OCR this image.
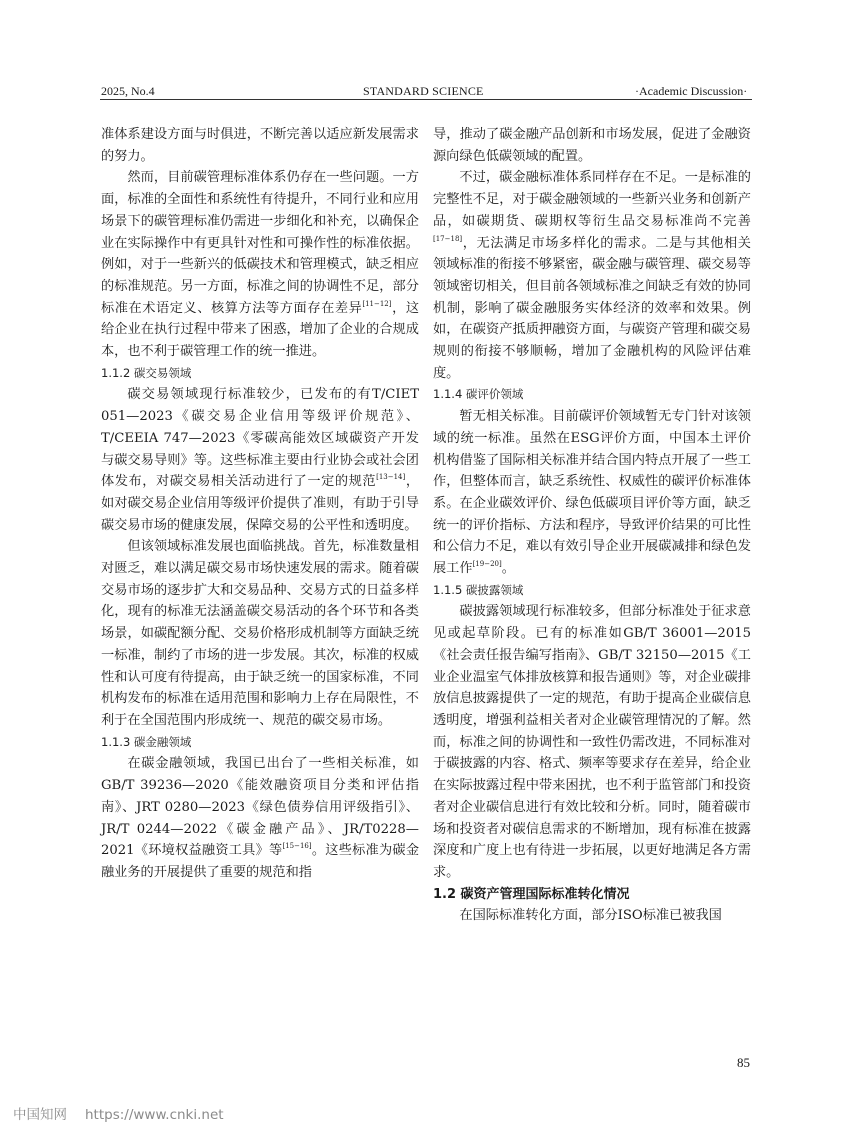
2025, No.4	STANDARD SCIENCE	·Academic Discussion·

准体系建设方面与时俱进，不断完善以适应新发展需求的努力。

然而，目前碳管理标准体系仍存在一些问题。一方面，标准的全面性和系统性有待提升，不同行业和应用场景下的碳管理标准仍需进一步细化和补充，以确保企业在实际操作中有更具针对性和可操作性的标准依据。例如，对于一些新兴的低碳技术和管理模式，缺乏相应的标准规范。另一方面，标准之间的协调性不足，部分标准在术语定义、核算方法等方面存在差异[11−12]，这给企业在执行过程中带来了困惑，增加了企业的合规成本，也不利于碳管理工作的统一推进。

1.1.2 碳交易领域

碳交易领域现行标准较少，已发布的有T/CIET 051—2023《碳交易企业信用等级评价规范》、T/CEEIA 747—2023《零碳高能效区域碳资产开发与碳交易导则》等。这些标准主要由行业协会或社会团体发布，对碳交易相关活动进行了一定的规范[13−14]，如对碳交易企业信用等级评价提供了准则，有助于引导碳交易市场的健康发展，保障交易的公平性和透明度。

但该领域标准发展也面临挑战。首先，标准数量相对匮乏，难以满足碳交易市场快速发展的需求。随着碳交易市场的逐步扩大和交易品种、交易方式的日益多样化，现有的标准无法涵盖碳交易活动的各个环节和各类场景，如碳配额分配、交易价格形成机制等方面缺乏统一标准，制约了市场的进一步发展。其次，标准的权威性和认可度有待提高，由于缺乏统一的国家标准，不同机构发布的标准在适用范围和影响力上存在局限性，不利于在全国范围内形成统一、规范的碳交易市场。

1.1.3 碳金融领域

在碳金融领域，我国已出台了一些相关标准，如GB/T 39236—2020《能效融资项目分类和评估指南》、JRT 0280—2023《绿色债券信用评级指引》、JR/T 0244—2022《碳金融产品》、JR/T0228—2021《环境权益融资工具》等[15−16]。这些标准为碳金融业务的开展提供了重要的规范和指

导，推动了碳金融产品创新和市场发展，促进了金融资源向绿色低碳领域的配置。

不过，碳金融标准体系同样存在不足。一是标准的完整性不足，对于碳金融领域的一些新兴业务和创新产品，如碳期货、碳期权等衍生品交易标准尚不完善[17−18]，无法满足市场多样化的需求。二是与其他相关领域标准的衔接不够紧密，碳金融与碳管理、碳交易等领域密切相关，但目前各领域标准之间缺乏有效的协同机制，影响了碳金融服务实体经济的效率和效果。例如，在碳资产抵质押融资方面，与碳资产管理和碳交易规则的衔接不够顺畅，增加了金融机构的风险评估难度。

1.1.4 碳评价领域

暂无相关标准。目前碳评价领域暂无专门针对该领域的统一标准。虽然在ESG评价方面，中国本土评价机构借鉴了国际相关标准并结合国内特点开展了一些工作，但整体而言，缺乏系统性、权威性的碳评价标准体系。在企业碳效评价、绿色低碳项目评价等方面，缺乏统一的评价指标、方法和程序，导致评价结果的可比性和公信力不足，难以有效引导企业开展碳减排和绿色发展工作[19−20]。

1.1.5 碳披露领域

碳披露领域现行标准较多，但部分标准处于征求意见或起草阶段。已有的标准如GB/T 36001—2015《社会责任报告编写指南》、GB/T 32150—2015《工业企业温室气体排放核算和报告通则》等，对企业碳排放信息披露提供了一定的规范，有助于提高企业碳信息透明度，增强利益相关者对企业碳管理情况的了解。然而，标准之间的协调性和一致性仍需改进，不同标准对于碳披露的内容、格式、频率等要求存在差异，给企业在实际披露过程中带来困扰，也不利于监管部门和投资者对企业碳信息进行有效比较和分析。同时，随着碳市场和投资者对碳信息需求的不断增加，现有标准在披露深度和广度上也有待进一步拓展，以更好地满足各方需求。

1.2 碳资产管理国际标准转化情况

在国际标准转化方面，部分ISO标准已被我国

85
中国知网 https://www.cnki.net
